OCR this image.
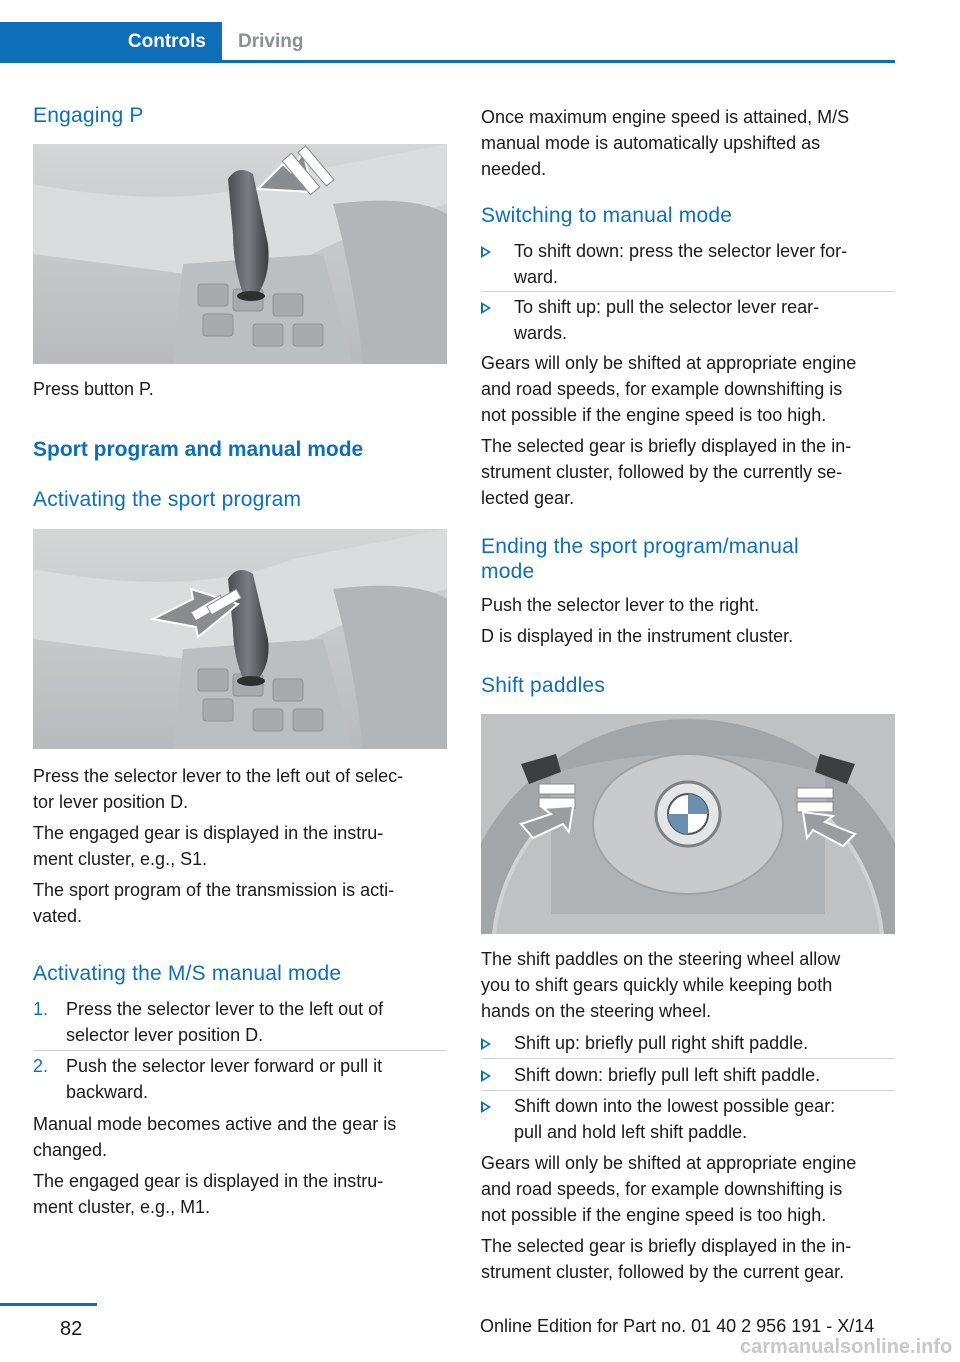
Controls	Driving
Engaging P
Press button P.
Sport program and manual mode
Activating the sport program
Press the selector lever to the left out of selec‐
tor lever position D.
The engaged gear is displayed in the instru‐
ment cluster, e.g., S1.
The sport program of the transmission is acti‐
vated.
Activating the M/S manual mode
1. Press the selector lever to the left out of
selector lever position D.
2. Push the selector lever forward or pull it
backward.
Manual mode becomes active and the gear is
changed.
The engaged gear is displayed in the instru‐
ment cluster, e.g., M1.
Once maximum engine speed is attained, M/S
manual mode is automatically upshifted as
needed.
Switching to manual mode
To shift down: press the selector lever for‐
ward.
To shift up: pull the selector lever rear‐
wards.
Gears will only be shifted at appropriate engine
and road speeds, for example downshifting is
not possible if the engine speed is too high.
The selected gear is briefly displayed in the in‐
strument cluster, followed by the currently se‐
lected gear.
Ending the sport program/manual
mode
Push the selector lever to the right.
D is displayed in the instrument cluster.
Shift paddles
The shift paddles on the steering wheel allow
you to shift gears quickly while keeping both
hands on the steering wheel.
Shift up: briefly pull right shift paddle.
Shift down: briefly pull left shift paddle.
Shift down into the lowest possible gear:
pull and hold left shift paddle.
Gears will only be shifted at appropriate engine
and road speeds, for example downshifting is
not possible if the engine speed is too high.
The selected gear is briefly displayed in the in‐
strument cluster, followed by the current gear.
82	Online Edition for Part no. 01 40 2 956 191 - X/14
carmanualsonline.info
